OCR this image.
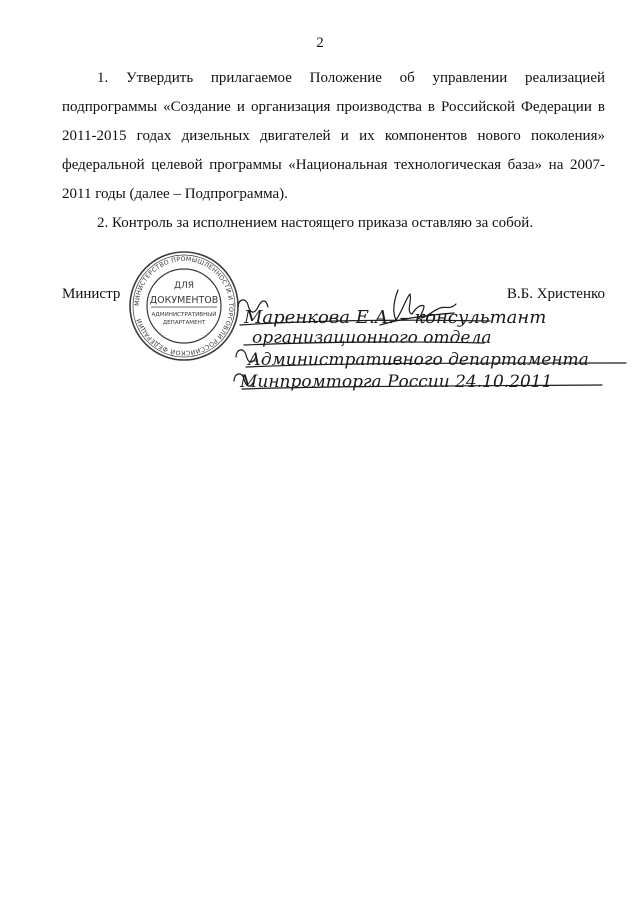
2

1. Утвердить прилагаемое Положение об управлении реализацией подпрограммы «Создание и организация производства в Российской Федерации в 2011-2015 годах дизельных двигателей и их компонентов нового поколения» федеральной целевой программы «Национальная технологическая база» на 2007-2011 годы (далее – Подпрограмма).

2. Контроль за исполнением настоящего приказа оставляю за собой.

Министр	В.Б. Христенко
МИНИСТЕРСТВО ПРОМЫШЛЕННОСТИ И ТОРГОВЛИ РОССИЙСКОЙ ФЕДЕРАЦИИ
ДЛЯ
ДОКУМЕНТОВ
АДМИНИСТРАТИВНЫЙ
ДЕПАРТАМЕНТ Маренкова Е.А. – консультант
организационного отдела
Административного департамента
Минпромторга России 24.10.2011
